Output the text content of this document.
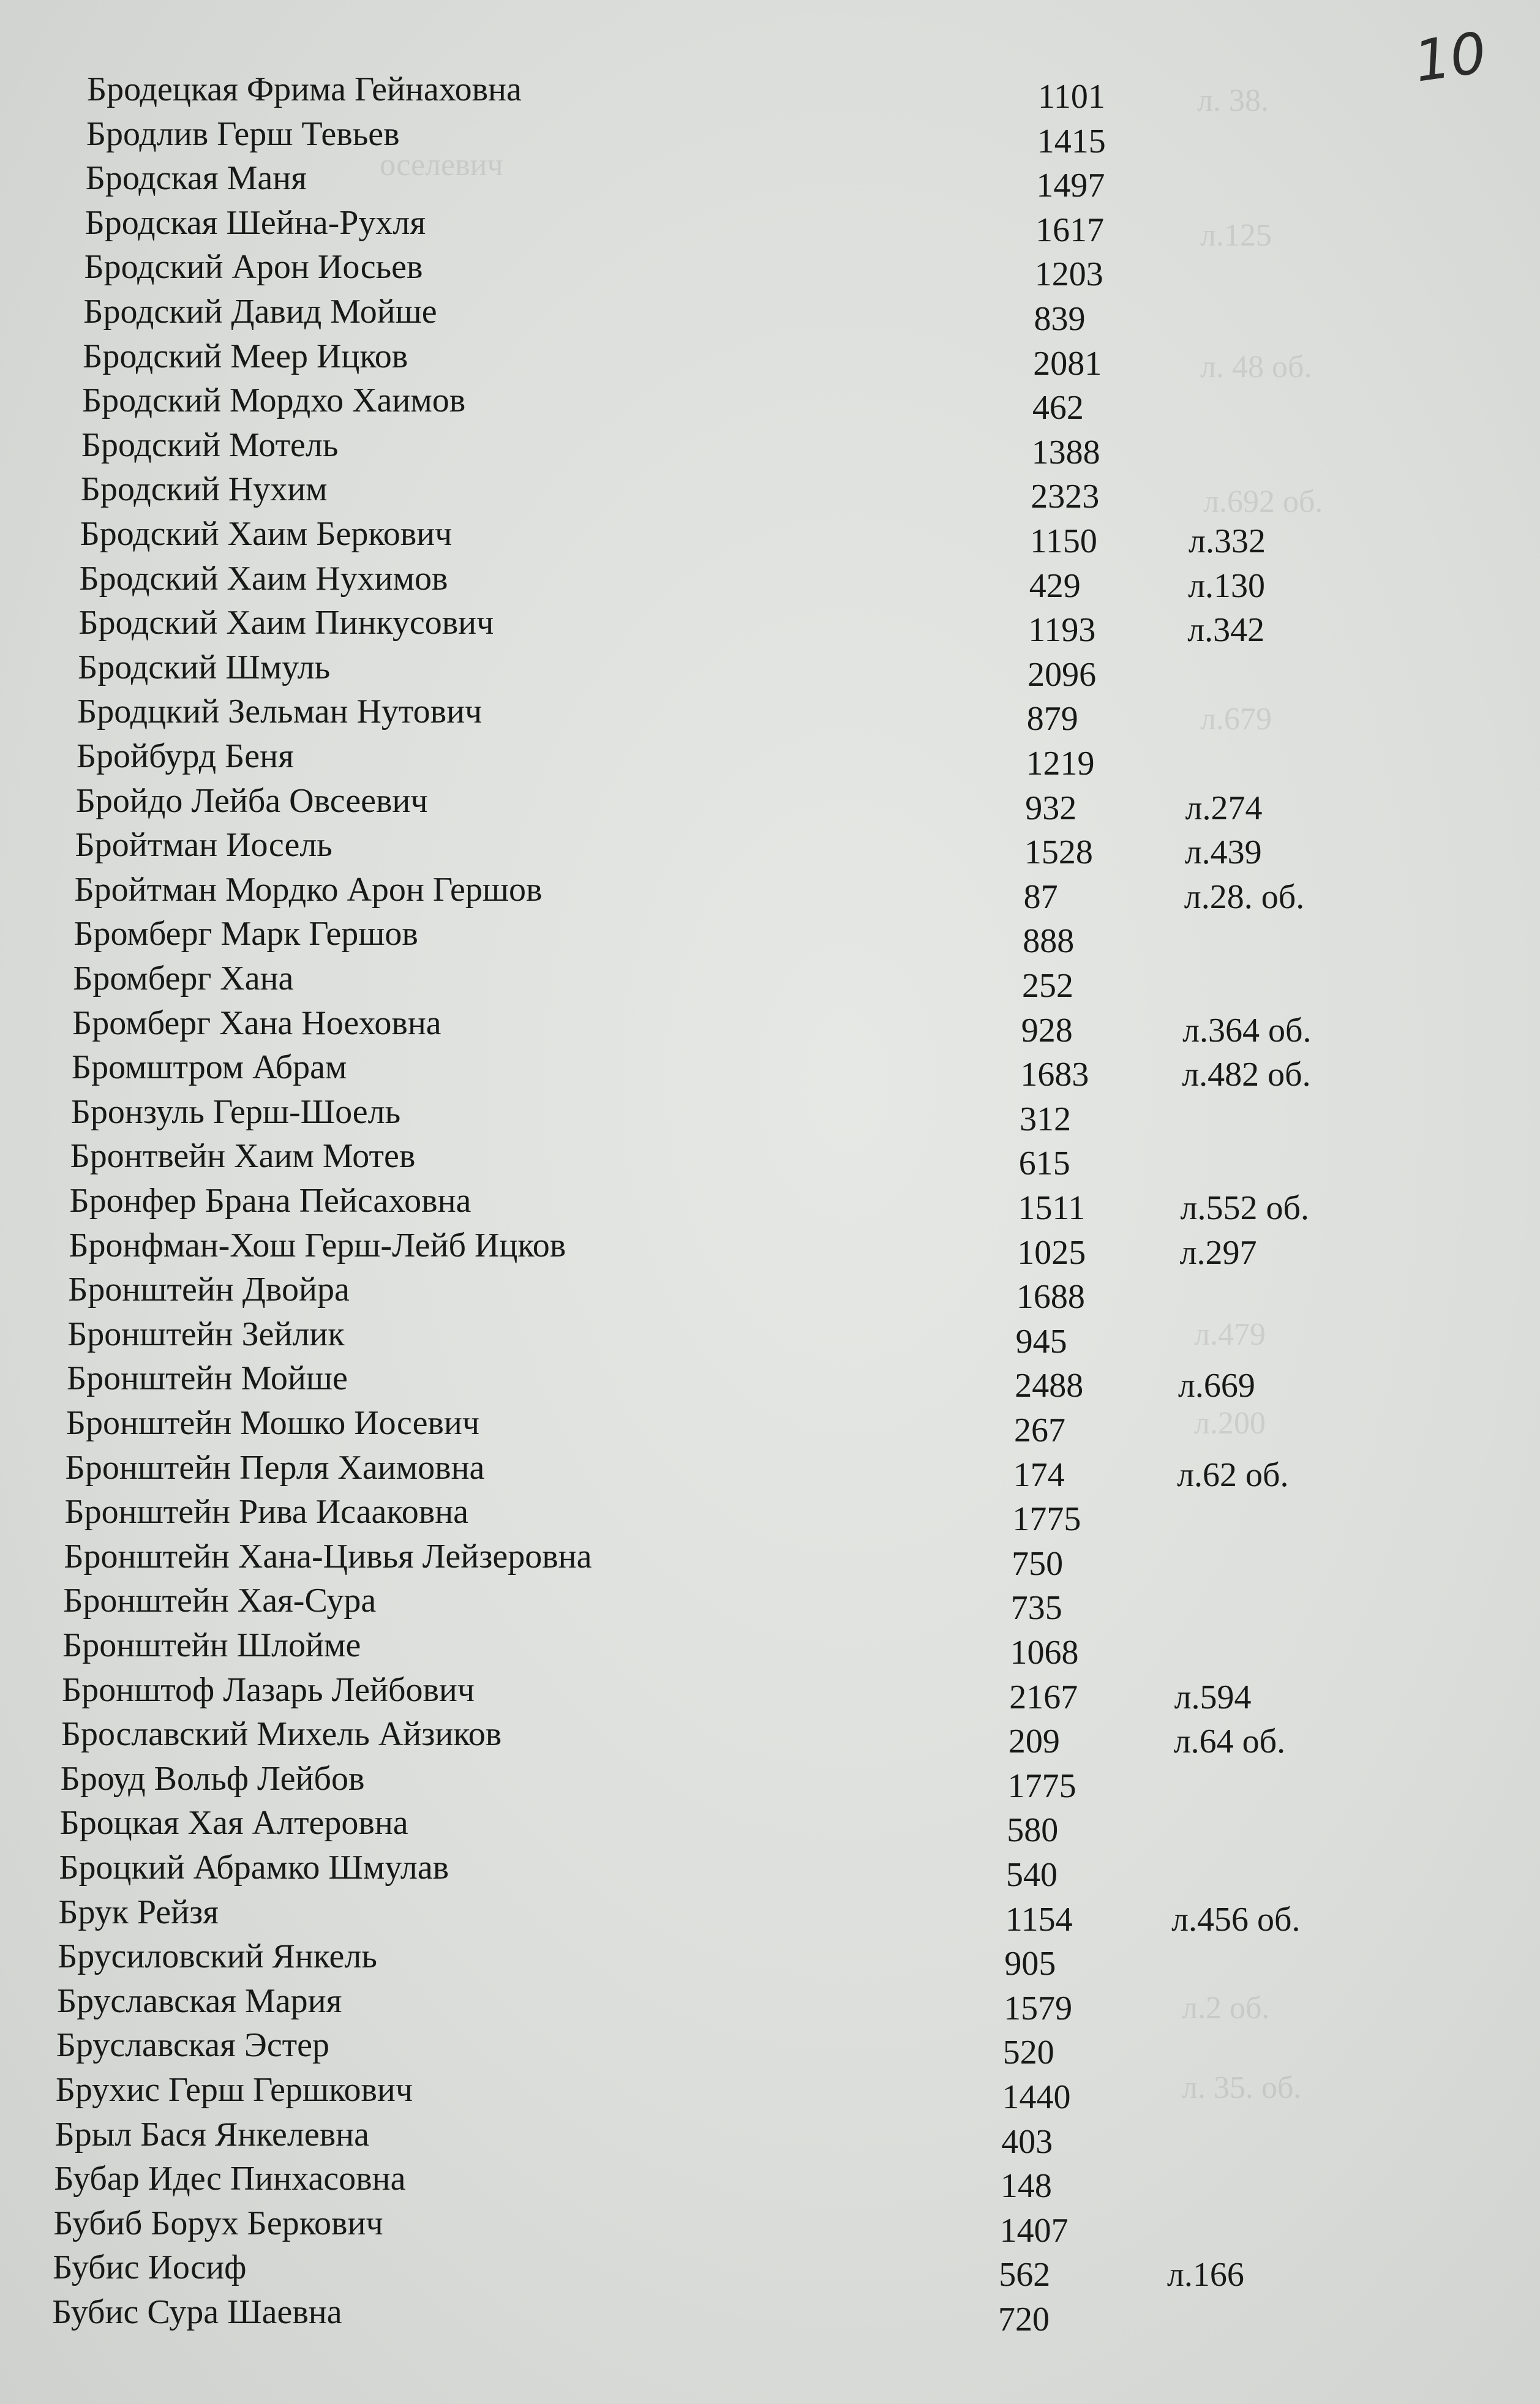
10
л. 38.
оселевич
л.125
л. 48 об.
л.692 об.
л.679
л.479
л.200
л.2 об.
л. 35. об.
Бродецкая Фрима Гейнаховна	1101
Бродлив Герш Тевьев	1415
Бродская Маня	1497
Бродская Шейна-Рухля	1617
Бродский Арон Иосьев	1203
Бродский Давид Мойше	839
Бродский Меер Ицков	2081
Бродский Мордхо Хаимов	462
Бродский Мотель	1388
Бродский Нухим	2323
Бродский Хаим Беркович	1150	л.332
Бродский Хаим Нухимов	429	л.130
Бродский Хаим Пинкусович	1193	л.342
Бродский Шмуль	2096
Бродцкий Зельман Нутович	879
Бройбурд Беня	1219
Бройдо Лейба Овсеевич	932	л.274
Бройтман Иосель	1528	л.439
Бройтман Мордко Арон Гершов	87	л.28. об.
Бромберг Марк Гершов	888
Бромберг Хана	252
Бромберг Хана Ноеховна	928	л.364 об.
Бромштром Абрам	1683	л.482 об.
Бронзуль Герш-Шоель	312
Бронтвейн Хаим Мотев	615
Бронфер Брана Пейсаховна	1511	л.552 об.
Бронфман-Хош Герш-Лейб Ицков	1025	л.297
Бронштейн Двойра	1688
Бронштейн Зейлик	945
Бронштейн Мойше	2488	л.669
Бронштейн Мошко Иосевич	267
Бронштейн Перля Хаимовна	174	л.62 об.
Бронштейн Рива Исааковна	1775
Бронштейн Хана-Цивья Лейзеровна	750
Бронштейн Хая-Сура	735
Бронштейн Шлойме	1068
Бронштоф Лазарь Лейбович	2167	л.594
Брославский Михель Айзиков	209	л.64 об.
Броуд Вольф Лейбов	1775
Броцкая Хая Алтеровна	580
Броцкий Абрамко Шмулав	540
Брук Рейзя	1154	л.456 об.
Брусиловский Янкель	905
Бруславская Мария	1579
Бруславская Эстер	520
Брухис Герш Гершкович	1440
Брыл Бася Янкелевна	403
Бубар Идес Пинхасовна	148
Бубиб Борух Беркович	1407
Бубис Иосиф	562	л.166
Бубис Сура Шаевна	720
